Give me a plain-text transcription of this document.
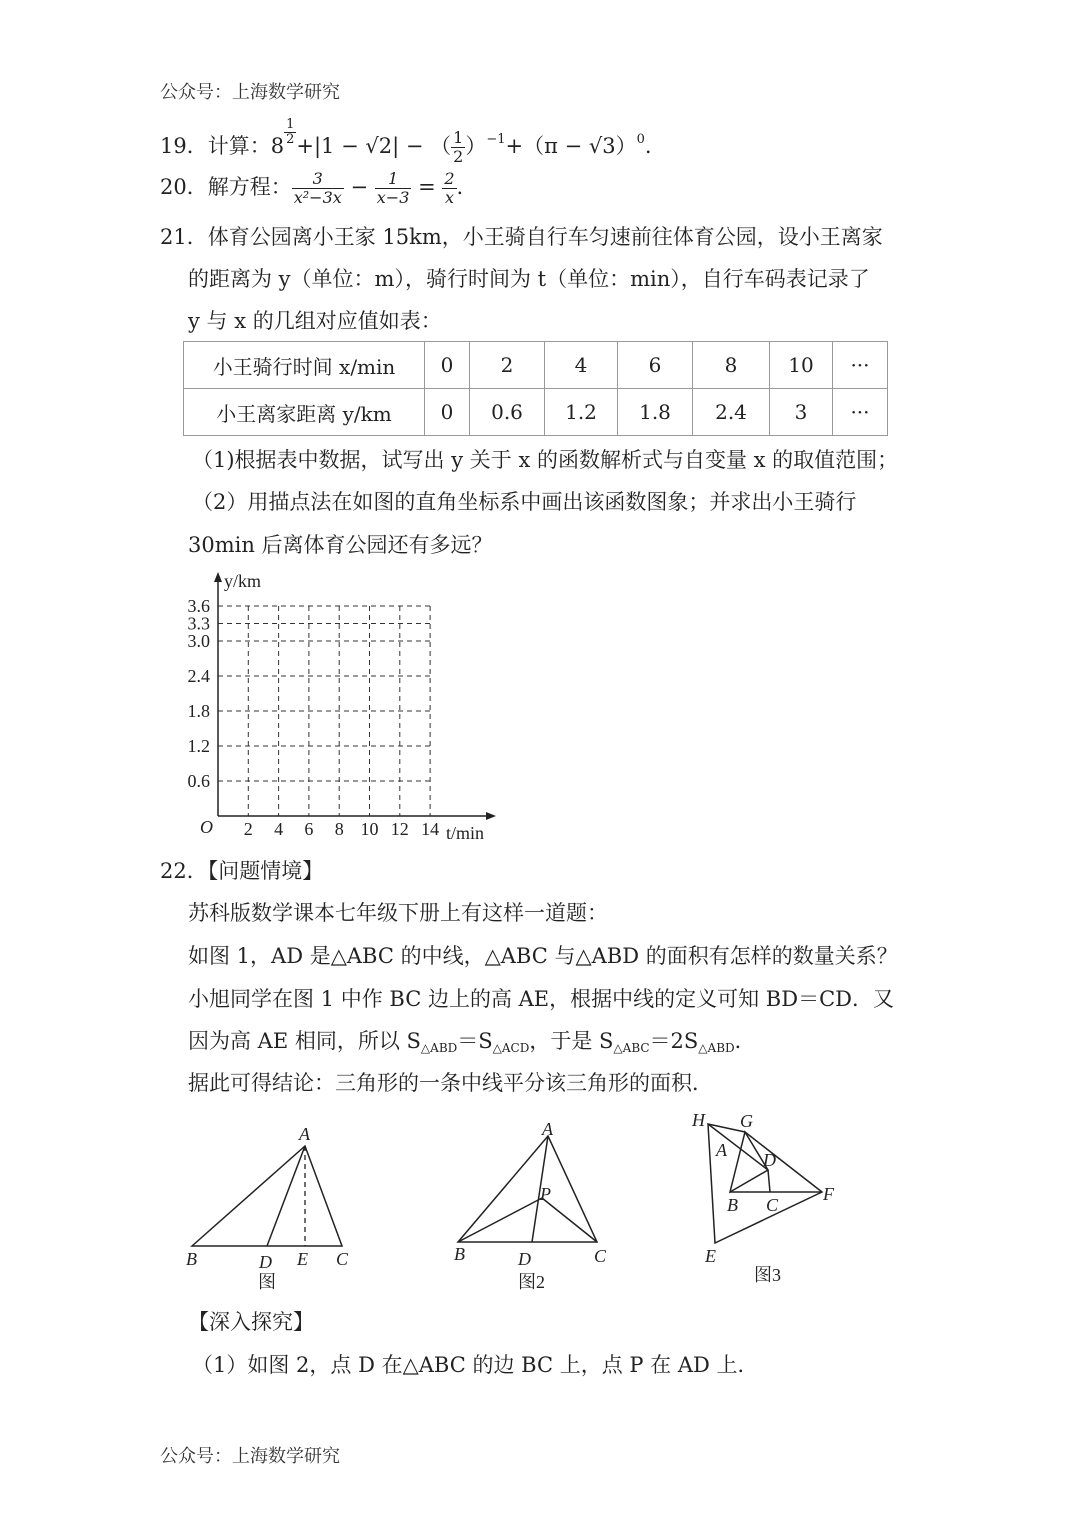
公众号：上海数学研究
19．计算：$8 \frac{1}{2} +|1 - √2|$ − （ $\frac{1}{2} )^{-1}+(\pi - √3)^0$.
20．解方程： $\frac{3}{\text{x²−3x}} - \frac{1}{x-3} = \frac{2}{x}$ .
21．体育公园离小王家 15km，小王骑自行车匀速前往体育公园，设小王离家
的距离为 y（单位：m），骑行时间为 t（单位：min），自行车码表记录了
y 与 x 的几组对应值如表：
小王骑行时间 x/min	0	2	4	6	8	10	···
小王离家距离 y/km	0	0.6	1.2	1.8	2.4	3	···
（1)根据表中数据，试写出 y 关于 x 的函数解析式与自变量 x 的取值范围；
（2）用描点法在如图的直角坐标系中画出该函数图象；并求出小王骑行
30min 后离体育公园还有多远？
0.6
1.2
1.8
2.4
3.0
3.3
3.6
2 4 6 8 10 12 14
O
y/km
t/min
22．【问题情境】
苏科版数学课本七年级下册上有这样一道题：
如图 1，AD 是△ABC 的中线，△ABC 与△ABD 的面积有怎样的数量关系？
小旭同学在图 1 中作 BC 边上的高 AE，根据中线的定义可知 BD＝CD．又
因为高 AE 相同，所以 $S_{\triangle ABD}=S_{\triangle ACD}$，于是 $S_{\triangle ABC}=2S_{\triangle ABD}$．
据此可得结论：三角形的一条中线平分该三角形的面积．
A
B	D E C
图
A
P
B	D	C
图2
H G
A D
B C
F
E
图3
【深入探究】
（1）如图 2，点 D 在△ABC 的边 BC 上，点 P 在 AD 上．
公众号：上海数学研究
